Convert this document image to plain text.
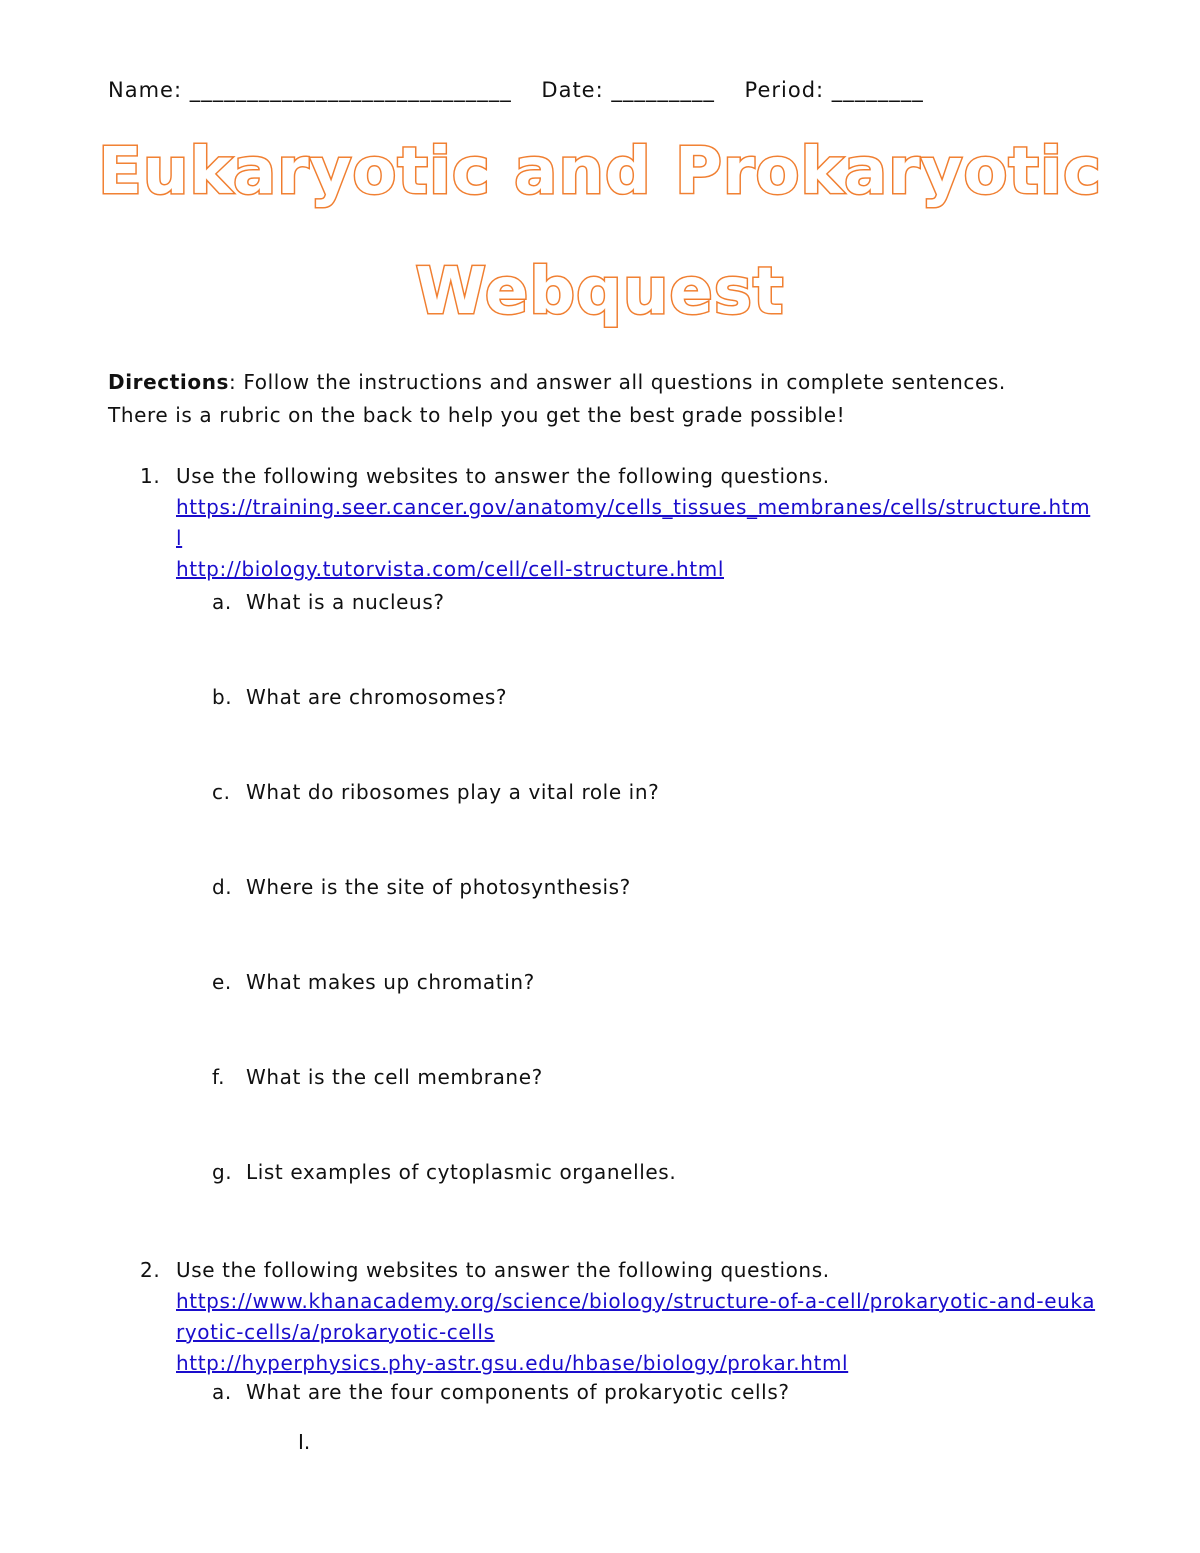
Name: ____________________________ Date: _________ Period: ________
Eukaryotic and Prokaryotic
Webquest
Directions: Follow the instructions and answer all questions in complete sentences.
There is a rubric on the back to help you get the best grade possible!
1. Use the following websites to answer the following questions.
https://training.seer.cancer.gov/anatomy/cells_tissues_membranes/cells/structure.html
http://biology.tutorvista.com/cell/cell-structure.html
a. What is a nucleus?
b. What are chromosomes?
c. What do ribosomes play a vital role in?
d. Where is the site of photosynthesis?
e. What makes up chromatin?
f. What is the cell membrane?
g. List examples of cytoplasmic organelles.
2. Use the following websites to answer the following questions.
https://www.khanacademy.org/science/biology/structure-of-a-cell/prokaryotic-and-eukaryotic-cells/a/prokaryotic-cells
http://hyperphysics.phy-astr.gsu.edu/hbase/biology/prokar.html
a. What are the four components of prokaryotic cells?
I.
